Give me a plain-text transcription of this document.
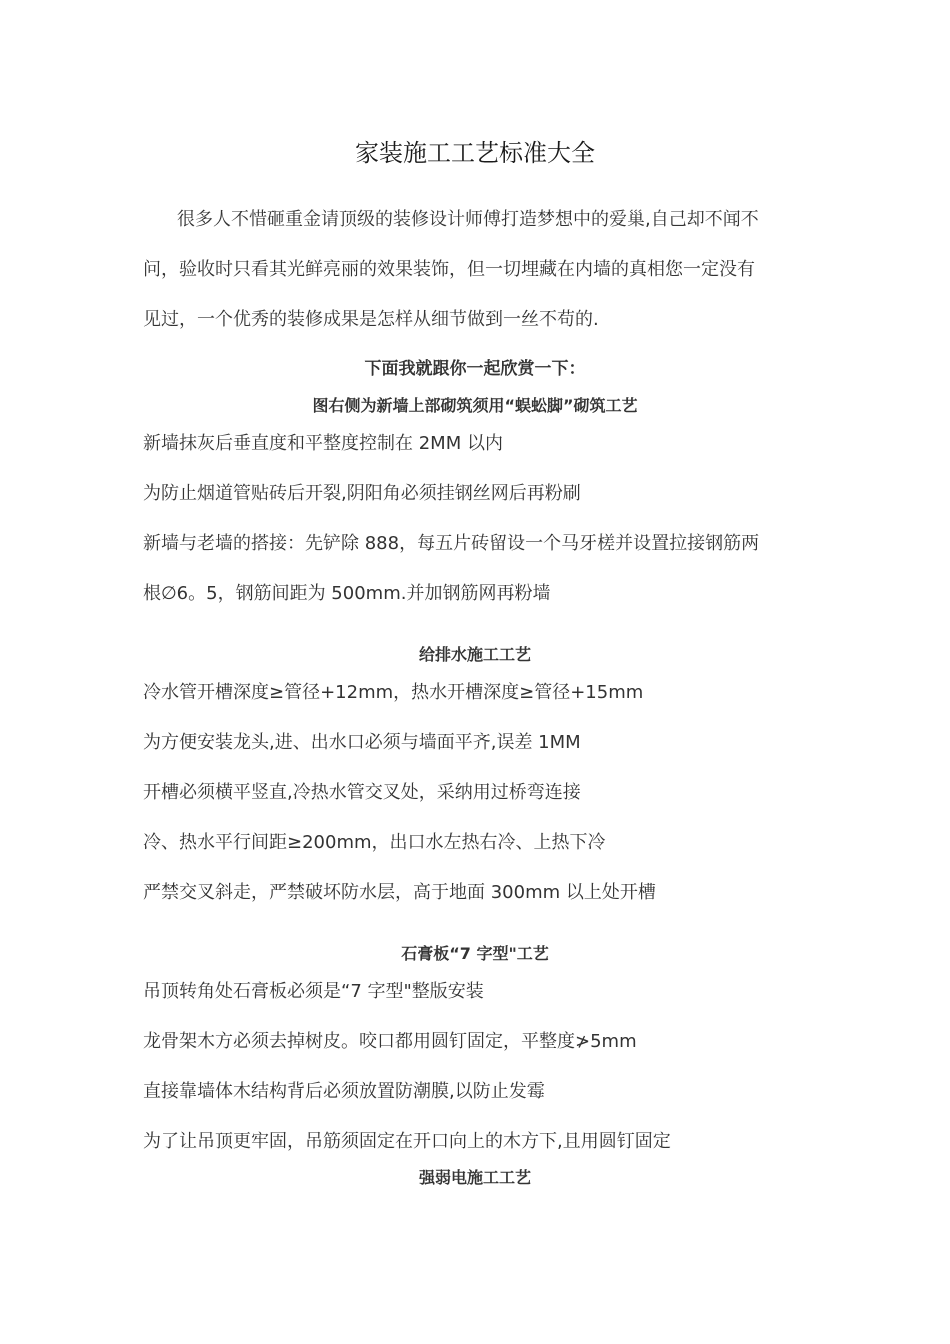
家装施工工艺标准大全

很多人不惜砸重金请顶级的装修设计师傅打造梦想中的爱巢,自己却不闻不

问，验收时只看其光鲜亮丽的效果装饰，但一切埋藏在内墙的真相您一定没有

见过，一个优秀的装修成果是怎样从细节做到一丝不苟的.

下面我就跟你一起欣赏一下：

图右侧为新墙上部砌筑须用“蜈蚣脚”砌筑工艺

新墙抹灰后垂直度和平整度控制在 2MM 以内

为防止烟道管贴砖后开裂,阴阳角必须挂钢丝网后再粉刷

新墙与老墙的搭接：先铲除 888，每五片砖留设一个马牙槎并设置拉接钢筋两

根∅6。5，钢筋间距为 500mm.并加钢筋网再粉墙

给排水施工工艺

冷水管开槽深度≥管径+12mm，热水开槽深度≥管径+15mm

为方便安装龙头,进、出水口必须与墙面平齐,误差 1MM

开槽必须横平竖直,冷热水管交叉处，采纳用过桥弯连接

冷、热水平行间距≥200mm，出口水左热右冷、上热下冷

严禁交叉斜走，严禁破坏防水层，高于地面 300mm 以上处开槽

石膏板“7 字型"工艺

吊顶转角处石膏板必须是“7 字型"整版安装

龙骨架木方必须去掉树皮。咬口都用圆钉固定，平整度≯5mm

直接靠墙体木结构背后必须放置防潮膜,以防止发霉

为了让吊顶更牢固，吊筋须固定在开口向上的木方下,且用圆钉固定

强弱电施工工艺
